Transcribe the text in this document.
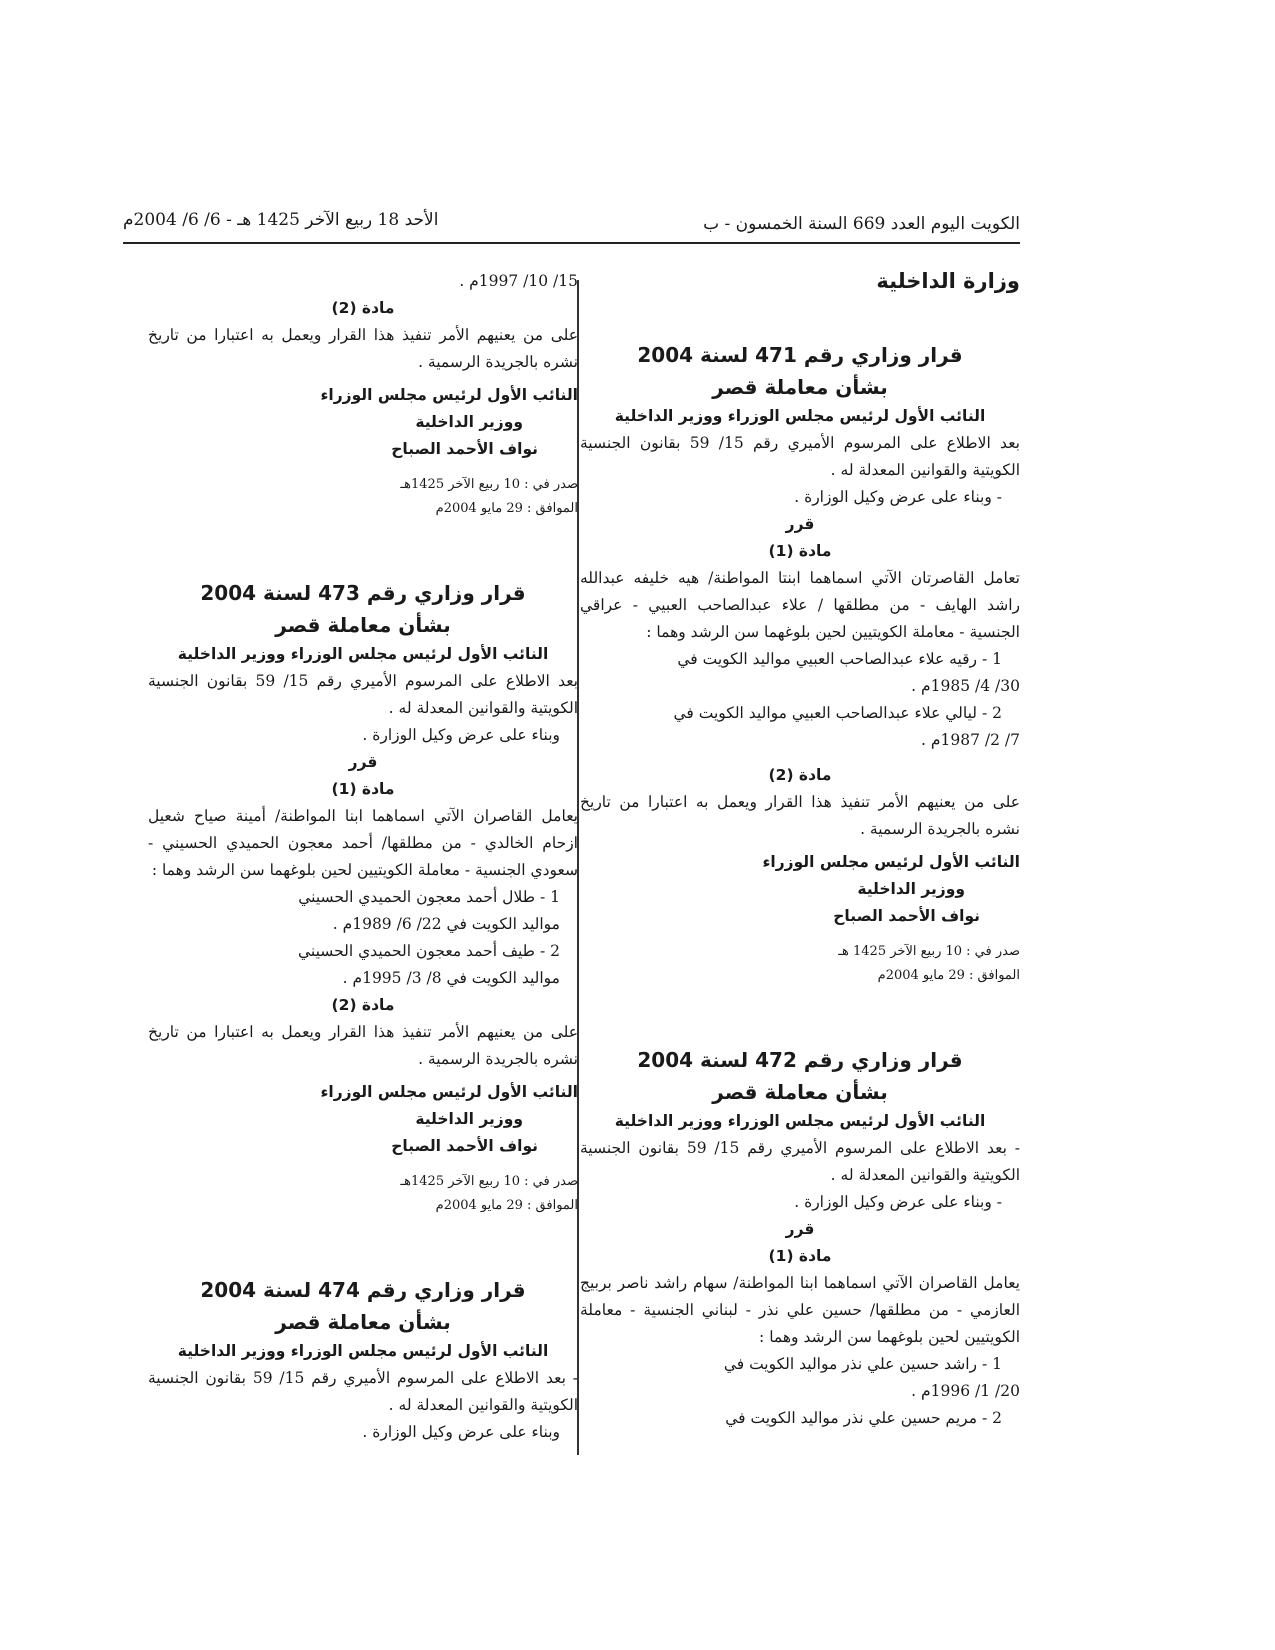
الكويت اليوم العدد 669 السنة الخمسون - ب
الأحد 18 ربيع الآخر 1425 هـ - 6/ 6/ 2004م

وزارة الداخلية

قرار وزاري رقم 471 لسنة 2004

بشأن معاملة قصر

النائب الأول لرئيس مجلس الوزراء ووزير الداخلية

بعد الاطلاع على المرسوم الأميري رقم 15/ 59 بقانون الجنسية الكويتية والقوانين المعدلة له .

- وبناء على عرض وكيل الوزارة .

قرر

مادة (1)

تعامل القاصرتان الآتي اسماهما ابنتا المواطنة/ هيه خليفه عبدالله راشد الهايف - من مطلقها / علاء عبدالصاحب العبيي - عراقي الجنسية - معاملة الكويتيين لحين بلوغهما سن الرشد وهما :

1 - رقيه علاء عبدالصاحب العبيي مواليد الكويت في

30/ 4/ 1985م .

2 - ليالي علاء عبدالصاحب العبيي مواليد الكويت في

7/ 2/ 1987م .

مادة (2)

على من يعنيهم الأمر تنفيذ هذا القرار ويعمل به اعتبارا من تاريخ نشره بالجريدة الرسمية .

النائب الأول لرئيس مجلس الوزراء
ووزير الداخلية
نواف الأحمد الصباح
صدر في : 10 ربيع الآخر 1425 هـ
الموافق : 29 مايو 2004م

قرار وزاري رقم 472 لسنة 2004

بشأن معاملة قصر

النائب الأول لرئيس مجلس الوزراء ووزير الداخلية

- بعد الاطلاع على المرسوم الأميري رقم 15/ 59 بقانون الجنسية الكويتية والقوانين المعدلة له .

- وبناء على عرض وكيل الوزارة .

قرر

مادة (1)

يعامل القاصران الآتي اسماهما ابنا المواطنة/ سهام راشد ناصر بربيج العازمي - من مطلقها/ حسين علي نذر - لبناني الجنسية - معاملة الكويتيين لحين بلوغهما سن الرشد وهما :

1 - راشد حسين علي نذر مواليد الكويت في

20/ 1/ 1996م .

2 - مريم حسين علي نذر مواليد الكويت في

15/ 10/ 1997م .

مادة (2)

على من يعنيهم الأمر تنفيذ هذا القرار ويعمل به اعتبارا من تاريخ نشره بالجريدة الرسمية .

النائب الأول لرئيس مجلس الوزراء
ووزير الداخلية
نواف الأحمد الصباح
صدر في : 10 ربيع الآخر 1425هـ
الموافق : 29 مايو 2004م

قرار وزاري رقم 473 لسنة 2004

بشأن معاملة قصر

النائب الأول لرئيس مجلس الوزراء ووزير الداخلية

بعد الاطلاع على المرسوم الأميري رقم 15/ 59 بقانون الجنسية الكويتية والقوانين المعدلة له .

وبناء على عرض وكيل الوزارة .

قرر

مادة (1)

يعامل القاصران الآتي اسماهما ابنا المواطنة/ أمينة صياح شعيل ازحام الخالدي - من مطلقها/ أحمد معجون الحميدي الحسيني - سعودي الجنسية - معاملة الكويتيين لحين بلوغهما سن الرشد وهما :

1 - طلال أحمد معجون الحميدي الحسيني

مواليد الكويت في 22/ 6/ 1989م .

2 - طيف أحمد معجون الحميدي الحسيني

مواليد الكويت في 8/ 3/ 1995م .

مادة (2)

على من يعنيهم الأمر تنفيذ هذا القرار ويعمل به اعتبارا من تاريخ نشره بالجريدة الرسمية .

النائب الأول لرئيس مجلس الوزراء
ووزير الداخلية
نواف الأحمد الصباح
صدر في : 10 ربيع الآخر 1425هـ
الموافق : 29 مايو 2004م

قرار وزاري رقم 474 لسنة 2004

بشأن معاملة قصر

النائب الأول لرئيس مجلس الوزراء ووزير الداخلية

- بعد الاطلاع على المرسوم الأميري رقم 15/ 59 بقانون الجنسية الكويتية والقوانين المعدلة له .

وبناء على عرض وكيل الوزارة .
